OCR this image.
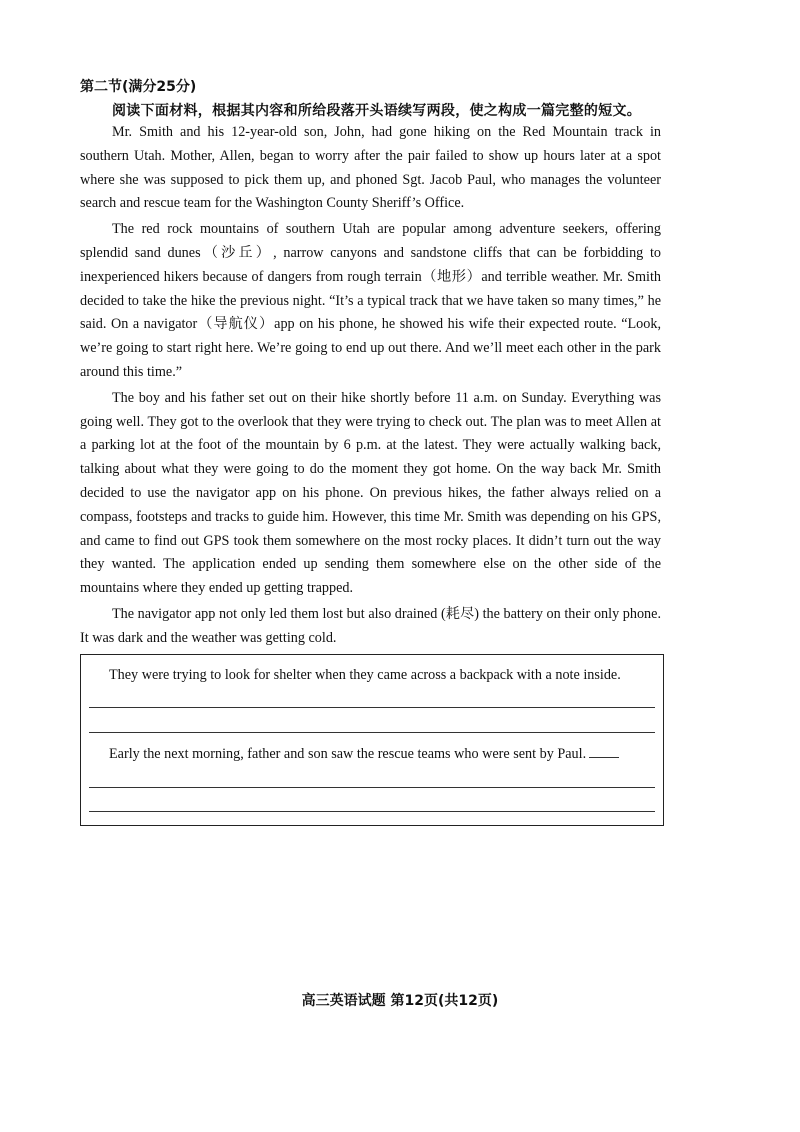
第二节(满分25分)
阅读下面材料，根据其内容和所给段落开头语续写两段，使之构成一篇完整的短文。

Mr. Smith and his 12-year-old son, John, had gone hiking on the Red Mountain track in southern Utah. Mother, Allen, began to worry after the pair failed to show up hours later at a spot where she was supposed to pick them up, and phoned Sgt. Jacob Paul, who manages the volunteer search and rescue team for the Washington County Sheriff’s Office.

The red rock mountains of southern Utah are popular among adventure seekers, offering splendid sand dunes（沙丘）, narrow canyons and sandstone cliffs that can be forbidding to inexperienced hikers because of dangers from rough terrain（地形）and terrible weather. Mr. Smith decided to take the hike the previous night. “It’s a typical track that we have taken so many times,” he said. On a navigator（导航仪）app on his phone, he showed his wife their expected route. “Look, we’re going to start right here. We’re going to end up out there. And we’ll meet each other in the park around this time.”

The boy and his father set out on their hike shortly before 11 a.m. on Sunday. Everything was going well. They got to the overlook that they were trying to check out. The plan was to meet Allen at a parking lot at the foot of the mountain by 6 p.m. at the latest. They were actually walking back, talking about what they were going to do the moment they got home. On the way back Mr. Smith decided to use the navigator app on his phone. On previous hikes, the father always relied on a compass, footsteps and tracks to guide him. However, this time Mr. Smith was depending on his GPS, and came to find out GPS took them somewhere on the most rocky places. It didn’t turn out the way they wanted. The application ended up sending them somewhere else on the other side of the mountains where they ended up getting trapped.

The navigator app not only led them lost but also drained (耗尽) the battery on their only phone. It was dark and the weather was getting cold.

They were trying to look for shelter when they came across a backpack with a note inside.
Early the next morning, father and son saw the rescue teams who were sent by Paul.
高三英语试题 第12页(共12页)
